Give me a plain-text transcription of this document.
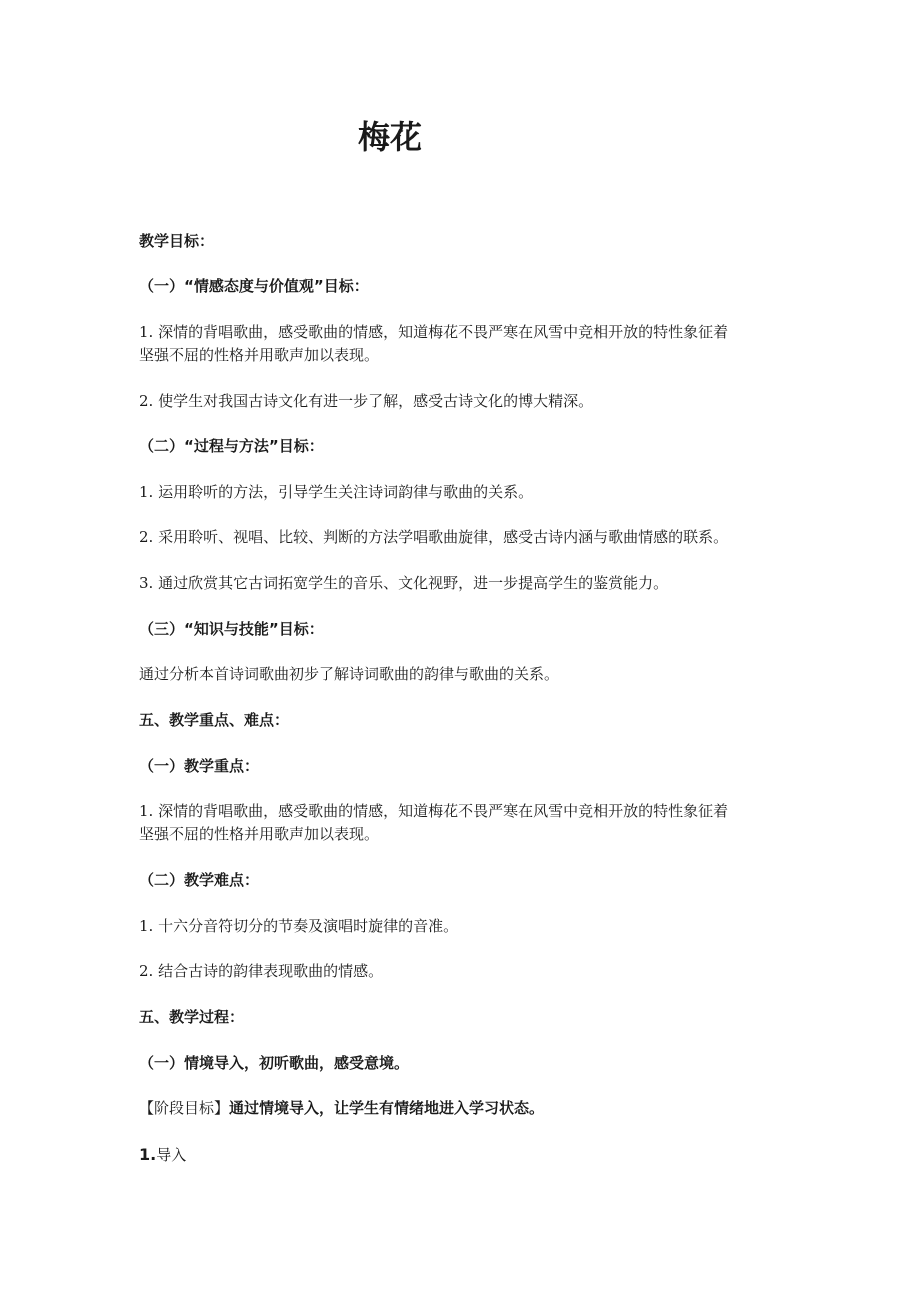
梅花

教学目标：

（一）“情感态度与价值观”目标：

1. 深情的背唱歌曲，感受歌曲的情感，知道梅花不畏严寒在风雪中竞相开放的特性象征着

坚强不屈的性格并用歌声加以表现。

2. 使学生对我国古诗文化有进一步了解，感受古诗文化的博大精深。

（二）“过程与方法”目标：

1. 运用聆听的方法，引导学生关注诗词韵律与歌曲的关系。

2. 采用聆听、视唱、比较、判断的方法学唱歌曲旋律，感受古诗内涵与歌曲情感的联系。

3. 通过欣赏其它古词拓宽学生的音乐、文化视野，进一步提高学生的鉴赏能力。

（三）“知识与技能”目标：

通过分析本首诗词歌曲初步了解诗词歌曲的韵律与歌曲的关系。

五、教学重点、难点：

（一）教学重点：

1. 深情的背唱歌曲，感受歌曲的情感，知道梅花不畏严寒在风雪中竞相开放的特性象征着

坚强不屈的性格并用歌声加以表现。

（二）教学难点：

1. 十六分音符切分的节奏及演唱时旋律的音准。

2. 结合古诗的韵律表现歌曲的情感。

五、教学过程：

（一）情境导入，初听歌曲，感受意境。

【阶段目标】通过情境导入，让学生有情绪地进入学习状态。

1.导入
